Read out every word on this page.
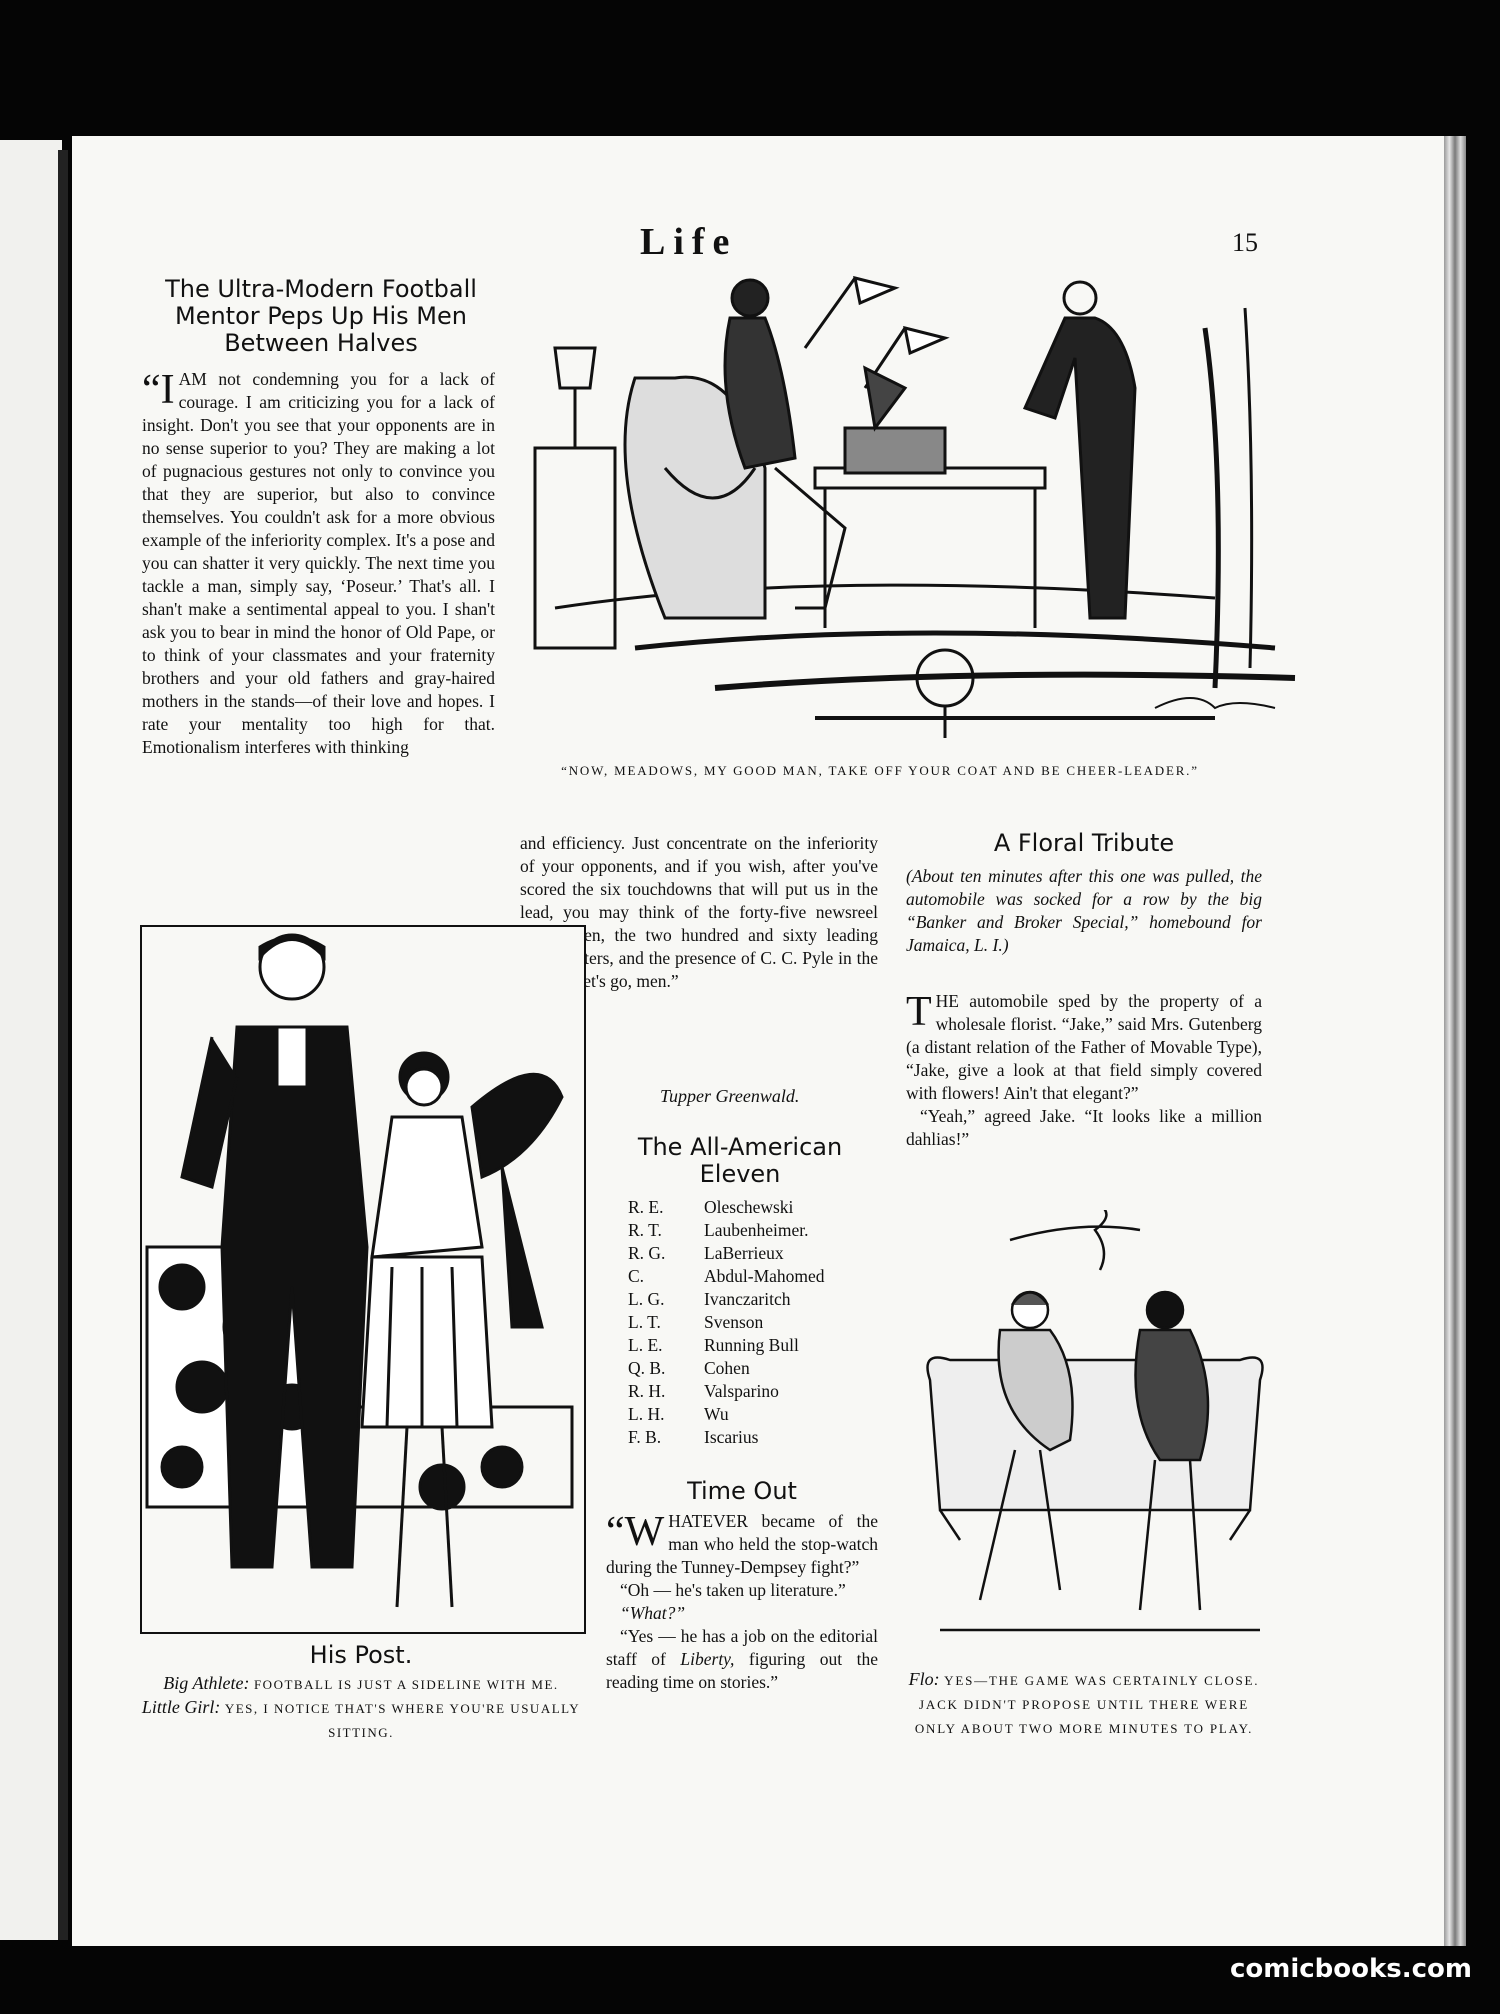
Life	15
The Ultra-Modern Football Mentor Peps Up His Men Between Halves
“I AM not condemning you for a lack of courage. I am criticizing you for a lack of insight. Don't you see that your opponents are in no sense superior to you? They are making a lot of pugnacious gestures not only to convince you that they are superior, but also to convince themselves. You couldn't ask for a more obvious example of the inferiority complex. It's a pose and you can shatter it very quickly. The next time you tackle a man, simply say, ‘Poseur.’ That's all. I shan't make a sentimental appeal to you. I shan't ask you to bear in mind the honor of Old Pape, or to think of your classmates and your fraternity brothers and your old fathers and gray-haired mothers in the stands—of their love and hopes. I rate your mentality too high for that. Emotionalism interferes with thinking
“NOW, MEADOWS, MY GOOD MAN, TAKE OFF YOUR COAT AND BE CHEER-LEADER.”
and efficiency. Just concentrate on the inferiority of your opponents, and if you wish, after you've scored the six touchdowns that will put us in the lead, you may think of the forty-five newsreel cameramen, the two hundred and sixty leading sport-writers, and the presence of C. C. Pyle in the stands. Let's go, men.”
Tupper Greenwald.
His Post.
Big Athlete: FOOTBALL IS JUST A SIDELINE WITH ME.
Little Girl: YES, I NOTICE THAT'S WHERE YOU'RE USUALLY SITTING.
The All-American Eleven
R. E.	Oleschewski
R. T.	Laubenheimer.
R. G.	LaBerrieux
C.	Abdul-Mahomed
L. G.	Ivanczaritch
L. T.	Svenson
L. E.	Running Bull
Q. B.	Cohen
R. H.	Valsparino
L. H.	Wu
F. B.	Iscarius
Time Out

“WHATEVER became of the man who held the stop-watch during the Tunney-Dempsey fight?”

“Oh — he's taken up literature.”

“What?”

“Yes — he has a job on the editorial staff of Liberty, figuring out the reading time on stories.”

A Floral Tribute
(About ten minutes after this one was pulled, the automobile was socked for a row by the big “Banker and Broker Special,” homebound for Jamaica, L. I.)

THE automobile sped by the property of a wholesale florist. “Jake,” said Mrs. Gutenberg (a distant relation of the Father of Movable Type), “Jake, give a look at that field simply covered with flowers! Ain't that elegant?”

“Yeah,” agreed Jake. “It looks like a million dahlias!”

Flo: YES—THE GAME WAS CERTAINLY CLOSE. JACK DIDN'T PROPOSE UNTIL THERE WERE ONLY ABOUT TWO MORE MINUTES TO PLAY.
comicbooks.com
